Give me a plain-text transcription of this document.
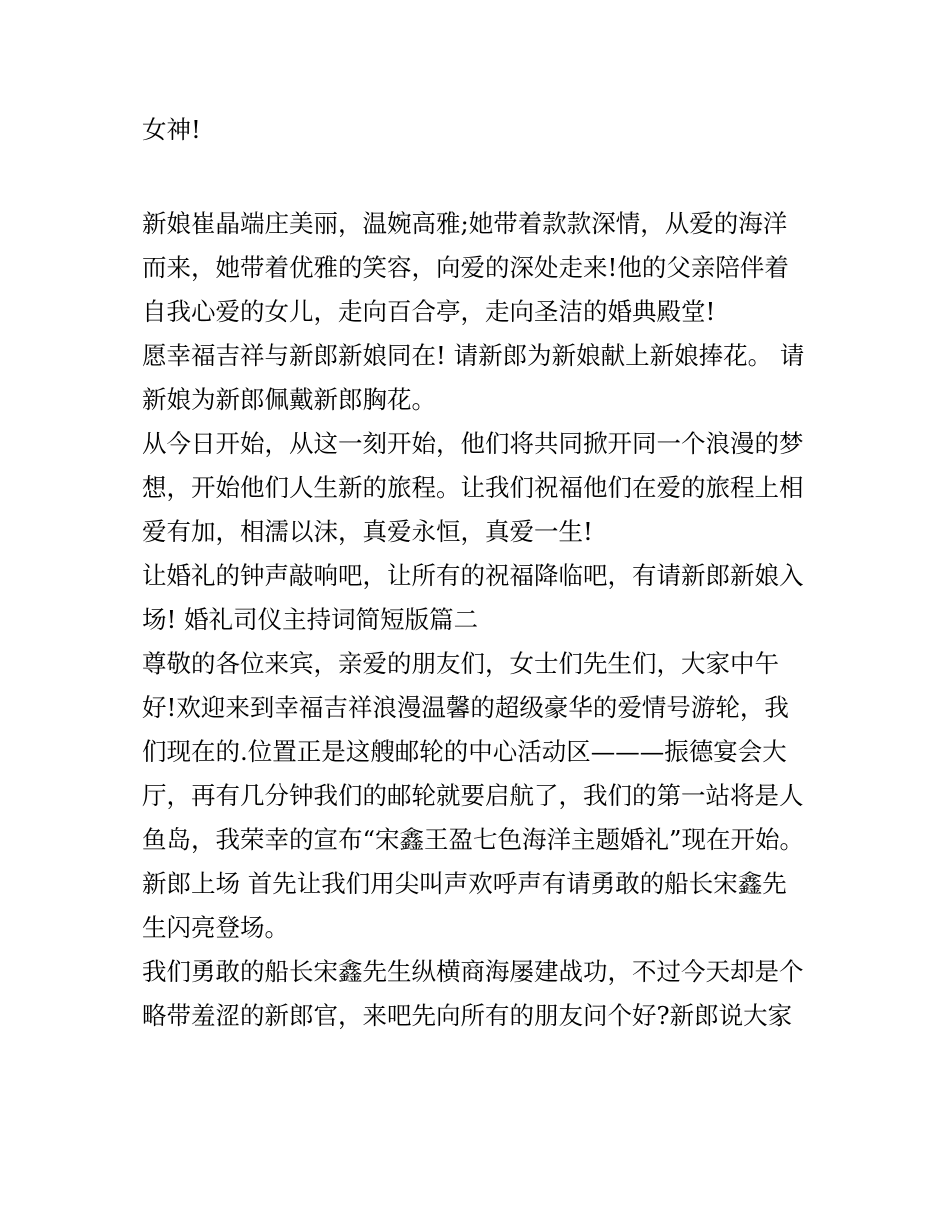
女神!
新娘崔晶端庄美丽，温婉高雅;她带着款款深情，从爱的海洋
而来，她带着优雅的笑容，向爱的深处走来!他的父亲陪伴着
自我心爱的女儿，走向百合亭，走向圣洁的婚典殿堂!
愿幸福吉祥与新郎新娘同在! 请新郎为新娘献上新娘捧花。 请
新娘为新郎佩戴新郎胸花。
从今日开始，从这一刻开始，他们将共同掀开同一个浪漫的梦
想，开始他们人生新的旅程。让我们祝福他们在爱的旅程上相
爱有加，相濡以沫，真爱永恒，真爱一生!
让婚礼的钟声敲响吧，让所有的祝福降临吧，有请新郎新娘入
场! 婚礼司仪主持词简短版篇二
尊敬的各位来宾，亲爱的朋友们，女士们先生们，大家中午
好!欢迎来到幸福吉祥浪漫温馨的超级豪华的爱情号游轮，我
们现在的.位置正是这艘邮轮的中心活动区———振德宴会大
厅，再有几分钟我们的邮轮就要启航了，我们的第一站将是人
鱼岛，我荣幸的宣布“宋鑫王盈七色海洋主题婚礼”现在开始。
新郎上场 首先让我们用尖叫声欢呼声有请勇敢的船长宋鑫先
生闪亮登场。
我们勇敢的船长宋鑫先生纵横商海屡建战功，不过今天却是个
略带羞涩的新郎官，来吧先向所有的朋友问个好?新郎说大家
